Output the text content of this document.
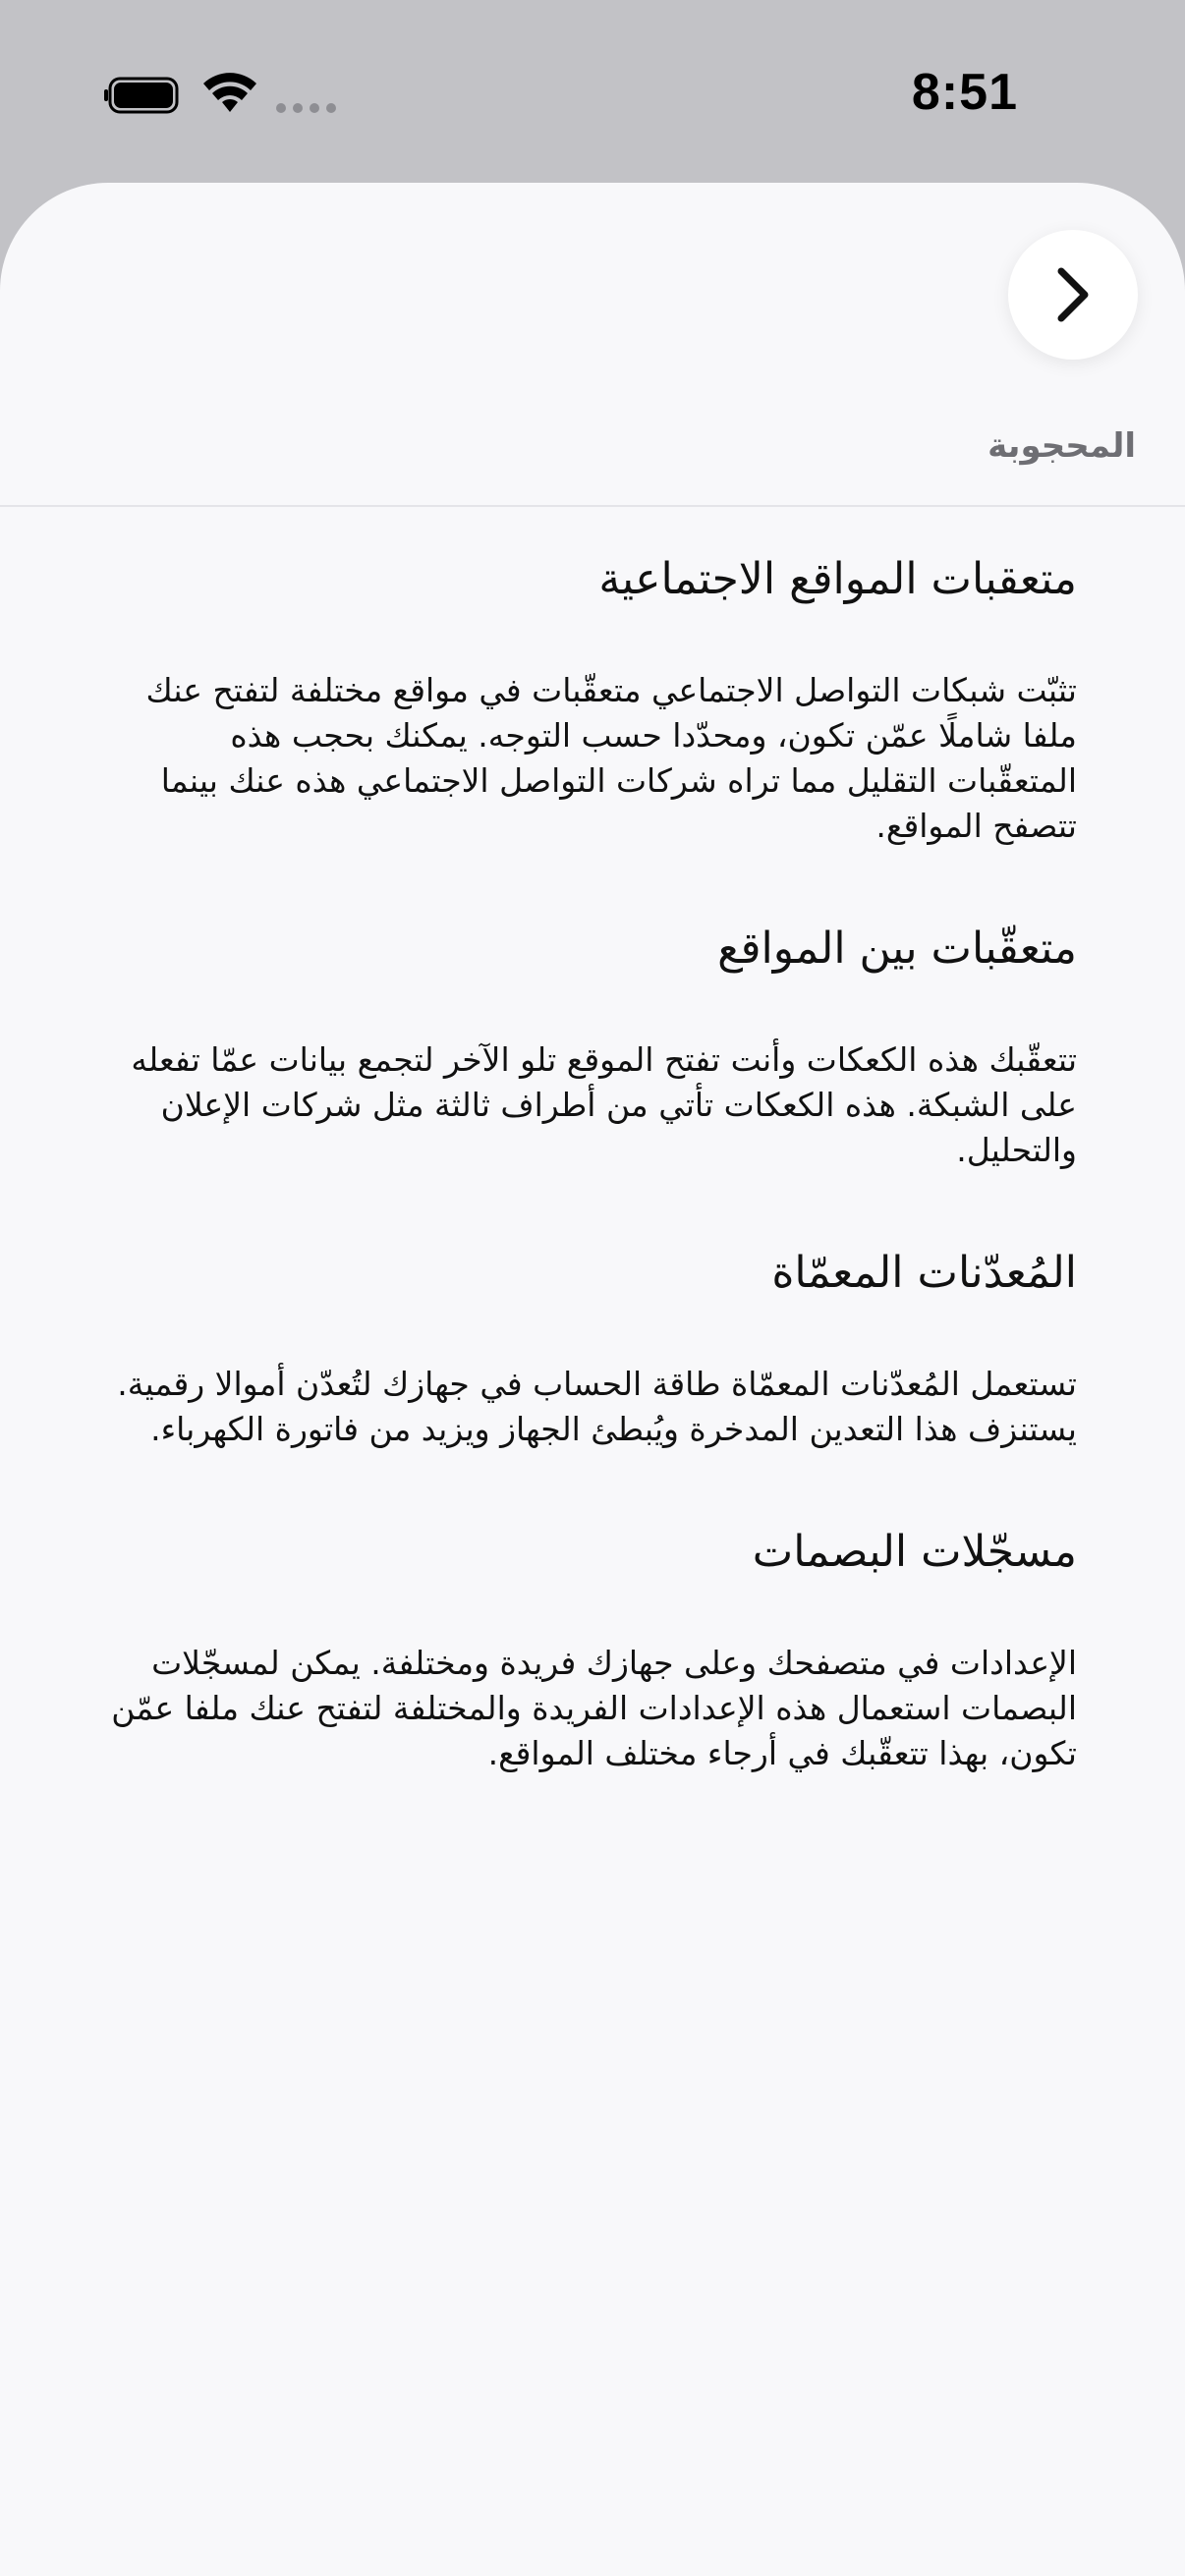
8:51
المحجوبة
متعقبات المواقع الاجتماعية

تثبّت شبكات التواصل الاجتماعي متعقّبات في مواقع مختلفة لتفتح عنك ملفا شاملًا عمّن تكون، ومحدّدا حسب التوجه. يمكنك بحجب هذه المتعقّبات التقليل مما تراه شركات التواصل الاجتماعي هذه عنك بينما تتصفح المواقع.

متعقّبات بين المواقع

تتعقّبك هذه الكعكات وأنت تفتح الموقع تلو الآخر لتجمع بيانات عمّا تفعله على الشبكة. هذه الكعكات تأتي من أطراف ثالثة مثل شركات الإعلان والتحليل.

المُعدّنات المعمّاة

تستعمل المُعدّنات المعمّاة طاقة الحساب في جهازك لتُعدّن أموالا رقمية. يستنزف هذا التعدين المدخرة ويُبطئ الجهاز ويزيد من فاتورة الكهرباء.

مسجّلات البصمات

الإعدادات في متصفحك وعلى جهازك فريدة ومختلفة. يمكن لمسجّلات البصمات استعمال هذه الإعدادات الفريدة والمختلفة لتفتح عنك ملفا عمّن تكون، بهذا تتعقّبك في أرجاء مختلف المواقع.
